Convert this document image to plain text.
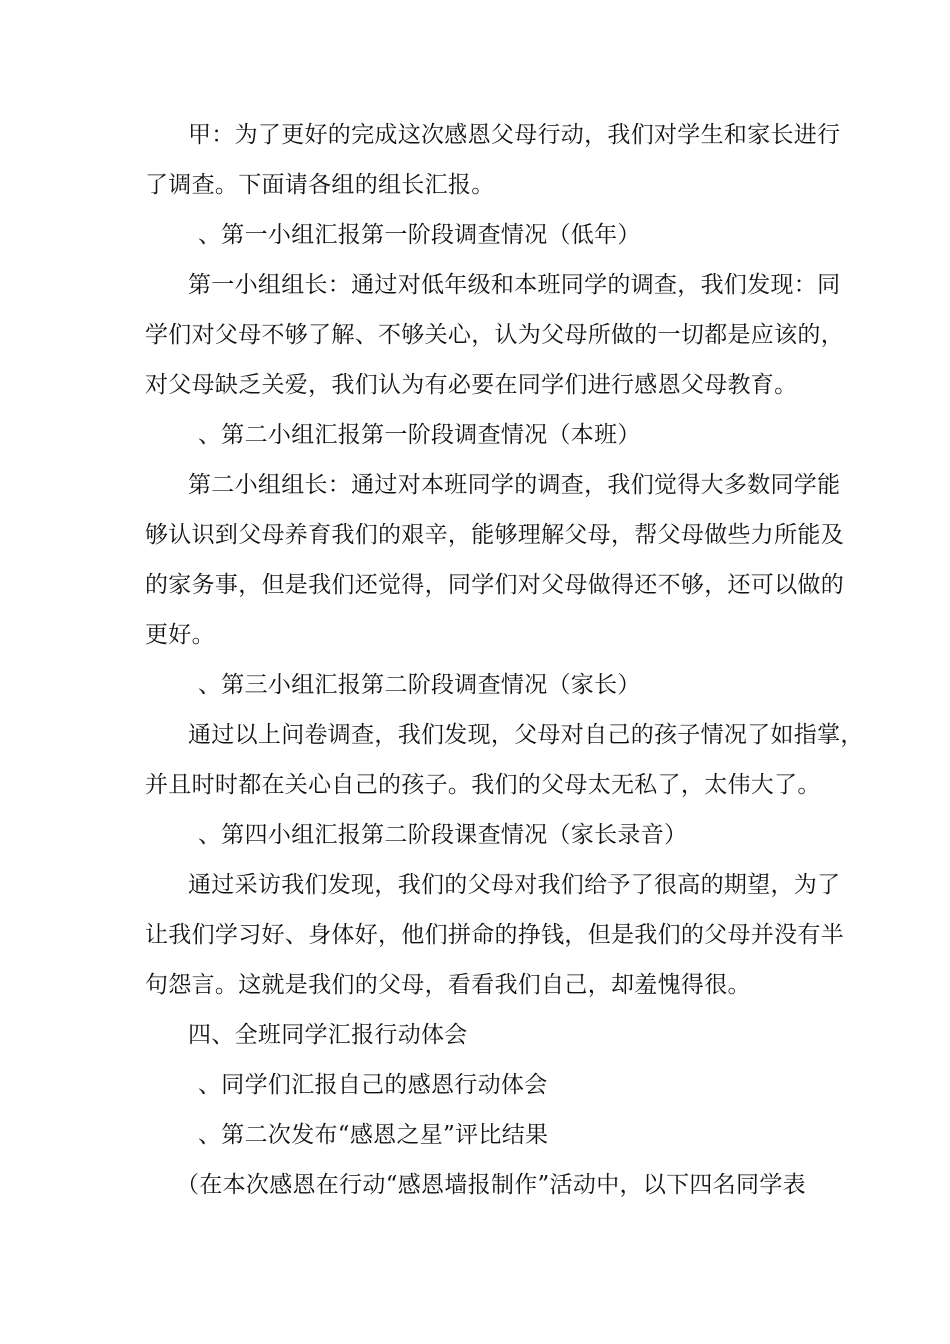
甲：为了更好的完成这次感恩父母行动，我们对学生和家长进行
了调查。下面请各组的组长汇报。
、第一小组汇报第一阶段调查情况（低年）
第一小组组长：通过对低年级和本班同学的调查，我们发现：同
学们对父母不够了解、不够关心，认为父母所做的一切都是应该的，
对父母缺乏关爱，我们认为有必要在同学们进行感恩父母教育。
、第二小组汇报第一阶段调查情况（本班）
第二小组组长：通过对本班同学的调查，我们觉得大多数同学能
够认识到父母养育我们的艰辛，能够理解父母，帮父母做些力所能及
的家务事，但是我们还觉得，同学们对父母做得还不够，还可以做的
更好。
、第三小组汇报第二阶段调查情况（家长）
通过以上问卷调查，我们发现，父母对自己的孩子情况了如指掌，
并且时时都在关心自己的孩子。我们的父母太无私了，太伟大了。
、第四小组汇报第二阶段课查情况（家长录音）
通过采访我们发现，我们的父母对我们给予了很高的期望，为了
让我们学习好、身体好，他们拼命的挣钱，但是我们的父母并没有半
句怨言。这就是我们的父母，看看我们自己，却羞愧得很。
四、全班同学汇报行动体会
、同学们汇报自己的感恩行动体会
、第二次发布“感恩之星”评比结果
（在本次感恩在行动“感恩墙报制作”活动中，以下四名同学表
